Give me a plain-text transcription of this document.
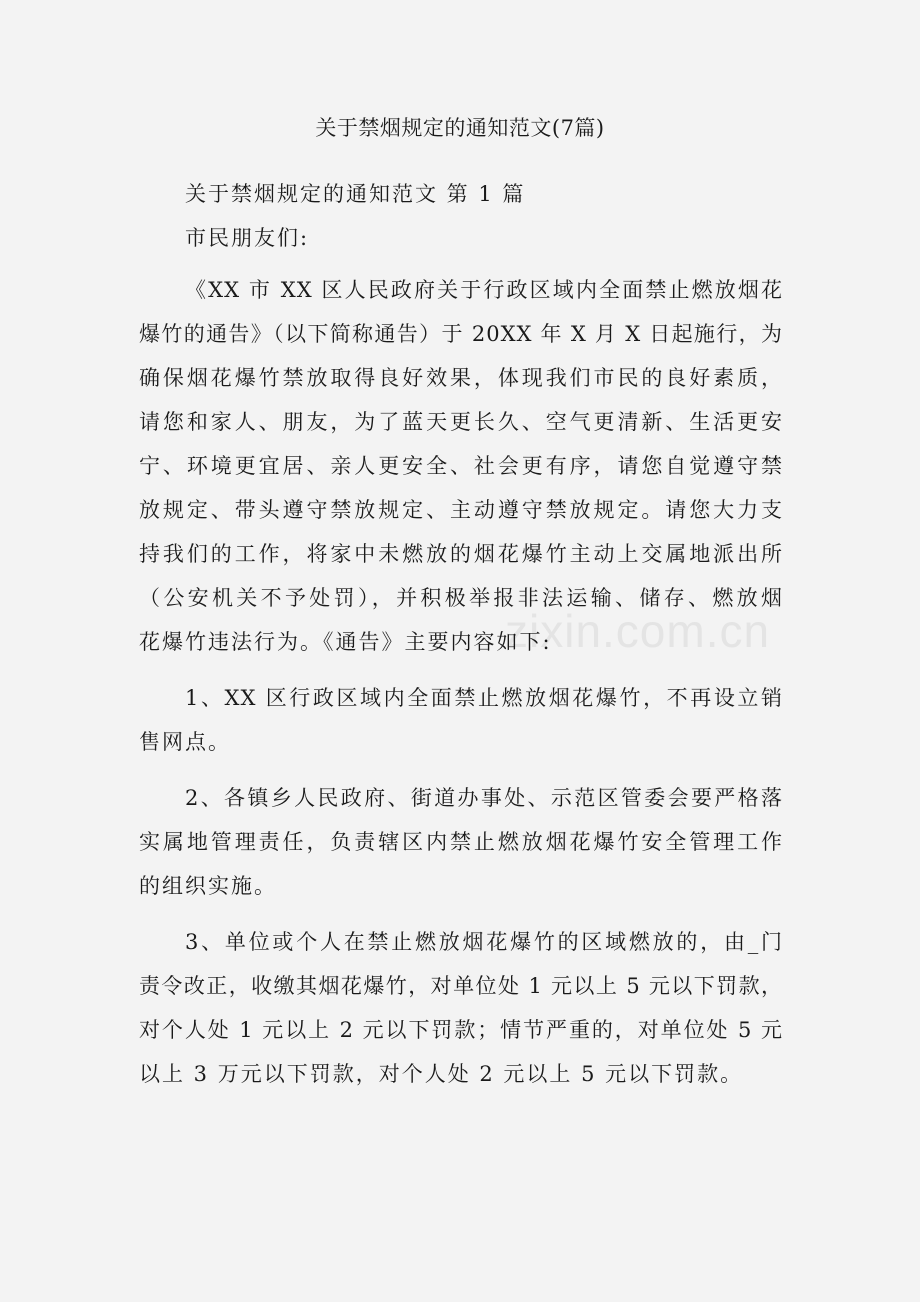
zixin.com.cn
关于禁烟规定的通知范文(7篇)
关于禁烟规定的通知范文 第 1 篇
市民朋友们:
《XX 市 XX 区人民政府关于行政区域内全面禁止燃放烟花
爆竹的通告》（以下简称通告）于 20XX 年 X 月 X 日起施行，为
确保烟花爆竹禁放取得良好效果，体现我们市民的良好素质，
请您和家人、朋友，为了蓝天更长久、空气更清新、生活更安
宁、环境更宜居、亲人更安全、社会更有序，请您自觉遵守禁
放规定、带头遵守禁放规定、主动遵守禁放规定。请您大力支
持我们的工作，将家中未燃放的烟花爆竹主动上交属地派出所
（公安机关不予处罚），并积极举报非法运输、储存、燃放烟
花爆竹违法行为。《通告》主要内容如下:
1、XX 区行政区域内全面禁止燃放烟花爆竹，不再设立销
售网点。
2、各镇乡人民政府、街道办事处、示范区管委会要严格落
实属地管理责任，负责辖区内禁止燃放烟花爆竹安全管理工作
的组织实施。
3、单位或个人在禁止燃放烟花爆竹的区域燃放的，由_门
责令改正，收缴其烟花爆竹，对单位处 1 元以上 5 元以下罚款，
对个人处 1 元以上 2 元以下罚款；情节严重的，对单位处 5 元
以上 3 万元以下罚款，对个人处 2 元以上 5 元以下罚款。
